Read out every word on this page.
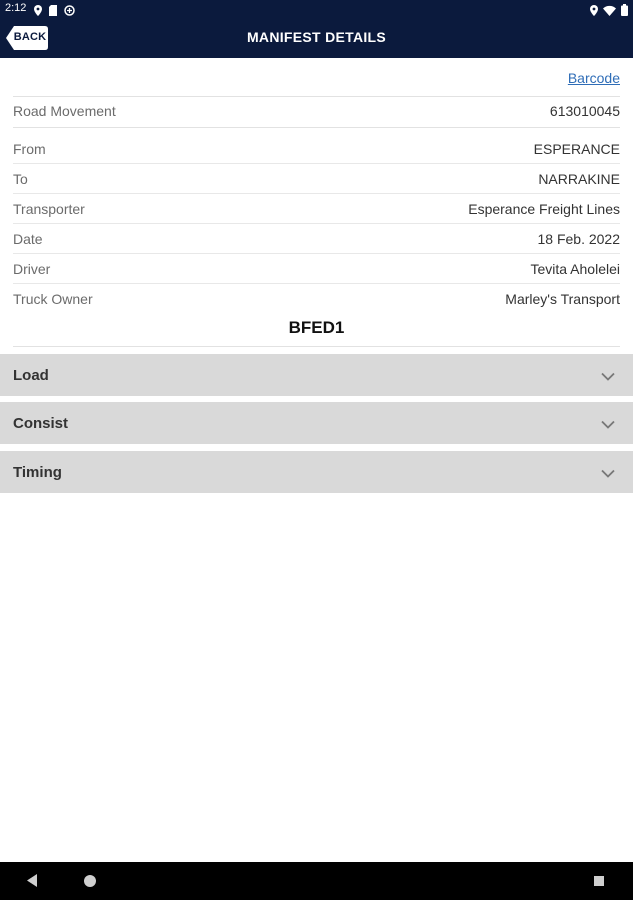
2:12
BACK	MANIFEST DETAILS
Barcode
Road Movement	613010045
From	ESPERANCE
To	NARRAKINE
Transporter	Esperance Freight Lines
Date	18 Feb. 2022
Driver	Tevita Aholelei
Truck Owner	Marley's Transport
BFED1
Load
Consist
Timing
